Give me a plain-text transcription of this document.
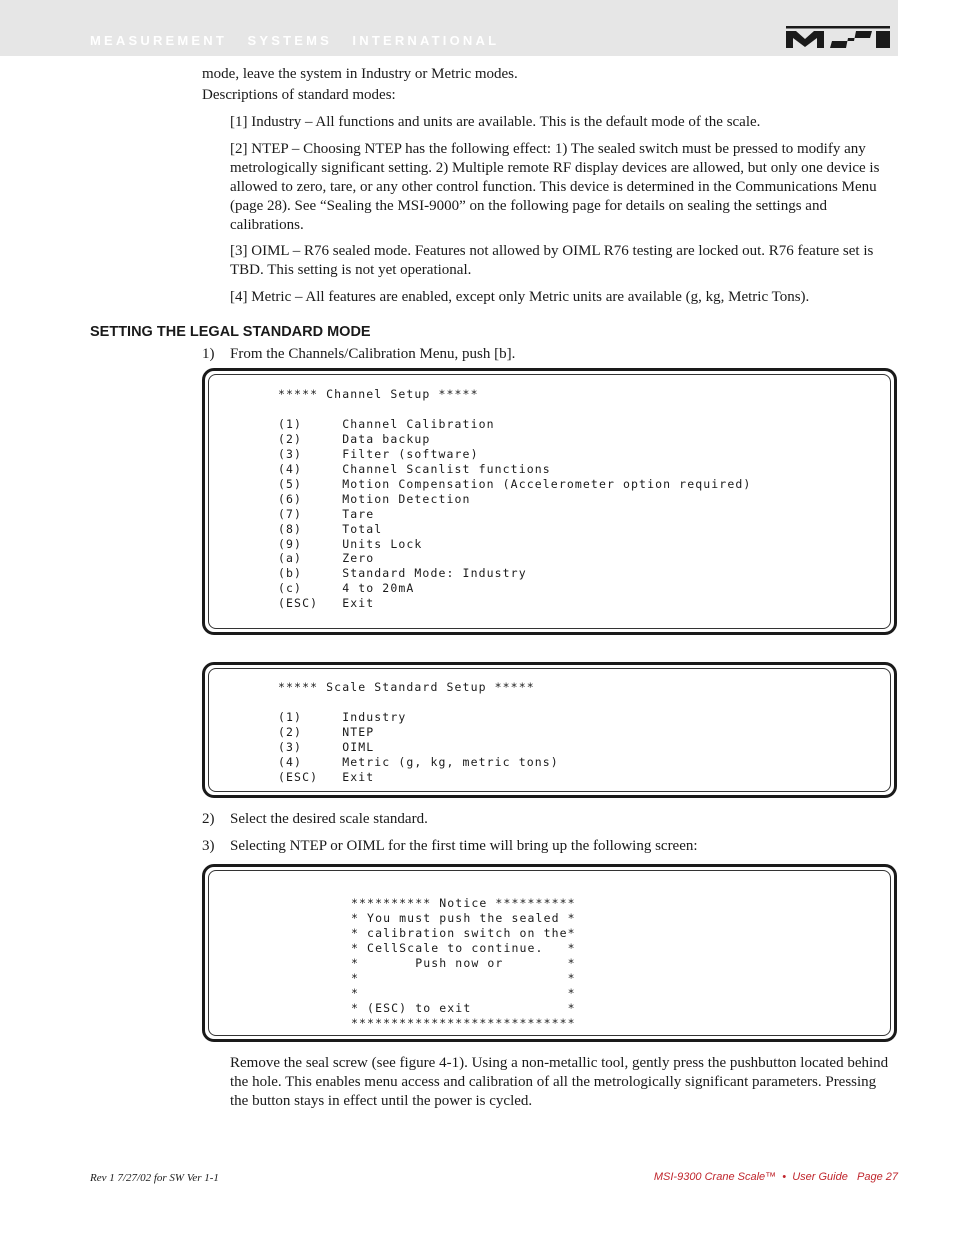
MEASUREMENT   SYSTEMS   INTERNATIONAL

mode, leave the system in Industry or Metric modes.

Descriptions of standard modes:

[1] Industry – All functions and units are available. This is the default mode of the scale.

[2] NTEP – Choosing NTEP has the following effect: 1) The sealed switch must be pressed to modify any metrologically significant setting. 2) Multiple remote RF display devices are allowed, but only one device is allowed to zero, tare, or any other control function. This device is determined in the Communications Menu (page 28). See “Sealing the MSI-9000” on the following page for details on sealing the settings and calibrations.

[3] OIML – R76 sealed mode. Features not allowed by OIML R76 testing are locked out. R76 feature set is TBD. This setting is not yet operational.

[4] Metric – All features are enabled, except only Metric units are available (g, kg, Metric Tons).

SETTING THE LEGAL STANDARD MODE
1) From the Channels/Calibration Menu, push [b].
***** Channel Setup *****

(1)     Channel Calibration
(2)     Data backup
(3)     Filter (software)
(4)     Channel Scanlist functions
(5)     Motion Compensation (Accelerometer option required)
(6)     Motion Detection
(7)     Tare
(8)     Total
(9)     Units Lock
(a)     Zero
(b)     Standard Mode: Industry
(c)     4 to 20mA
(ESC)   Exit
***** Scale Standard Setup *****

(1)     Industry
(2)     NTEP
(3)     OIML
(4)     Metric (g, kg, metric tons)
(ESC)   Exit
2) Select the desired scale standard.
3) Selecting NTEP or OIML for the first time will bring up the following screen:
********** Notice **********
* You must push the sealed *
* calibration switch on the*
* CellScale to continue.   *
*       Push now or        *
*                          *
*                          *
* (ESC) to exit            *
****************************

Remove the seal screw (see figure 4-1). Using a non-metallic tool, gently press the pushbutton located behind the hole. This enables menu access and calibration of all the metrologically significant parameters. Pressing the button stays in effect until the power is cycled.

Rev 1 7/27/02 for SW Ver 1-1	MSI-9300 Crane Scale™  •  User Guide   Page 27
